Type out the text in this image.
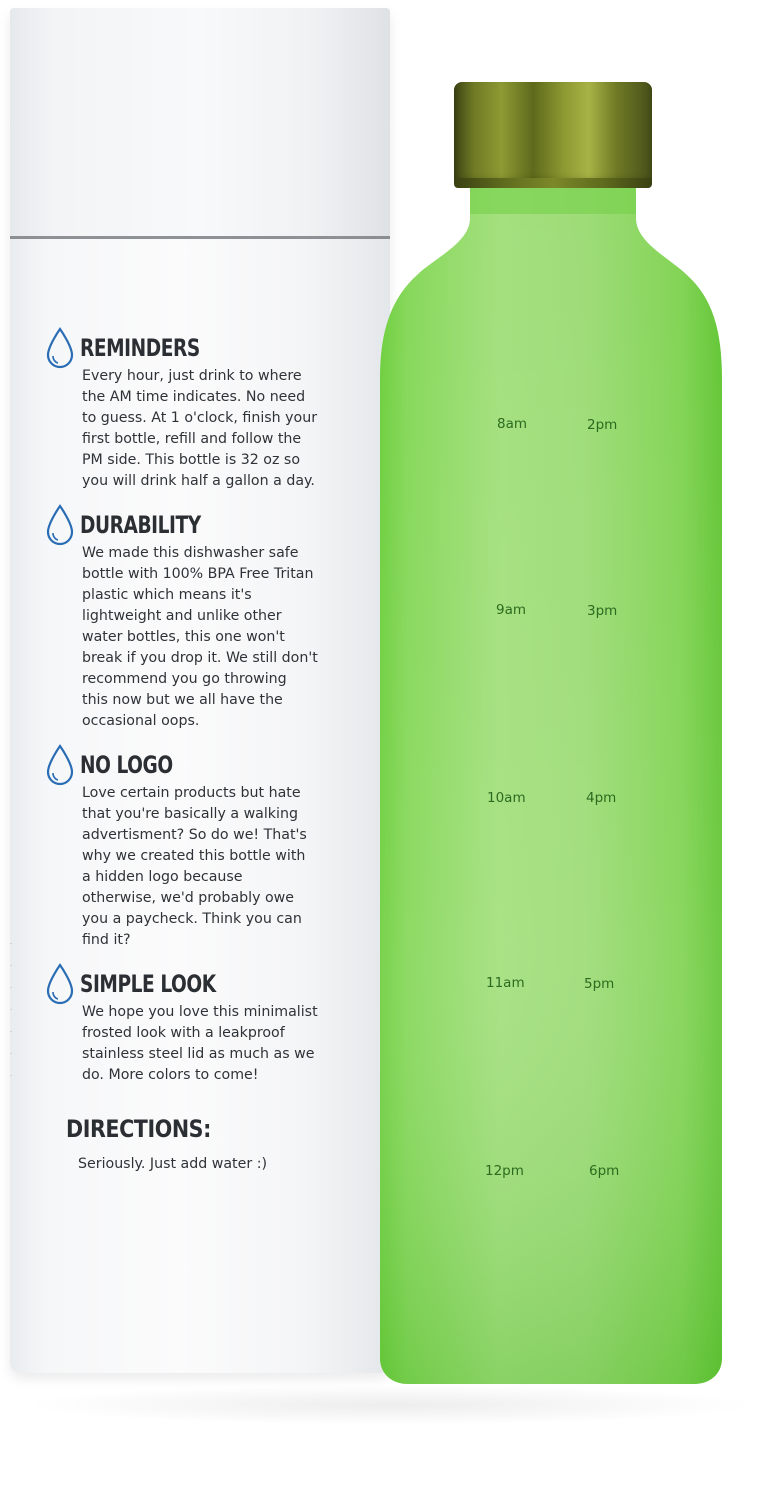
·
·
·
·
·
·
·
REMINDERS
Every hour, just drink to where
the AM time indicates. No need
to guess. At 1 o'clock, finish your
first bottle, refill and follow the
PM side. This bottle is 32 oz so
you will drink half a gallon a day.
DURABILITY
We made this dishwasher safe
bottle with 100% BPA Free Tritan
plastic which means it's
lightweight and unlike other
water bottles, this one won't
break if you drop it. We still don't
recommend you go throwing
this now but we all have the
occasional oops.
NO LOGO
Love certain products but hate
that you're basically a walking
advertisment? So do we! That's
why we created this bottle with
a hidden logo because
otherwise, we'd probably owe
you a paycheck. Think you can
find it?
SIMPLE LOOK
We hope you love this minimalist
frosted look with a leakproof
stainless steel lid as much as we
do. More colors to come!
DIRECTIONS:
Seriously. Just add water :)
8am	2pm
9am	3pm
10am	4pm
11am	5pm
12pm	6pm
